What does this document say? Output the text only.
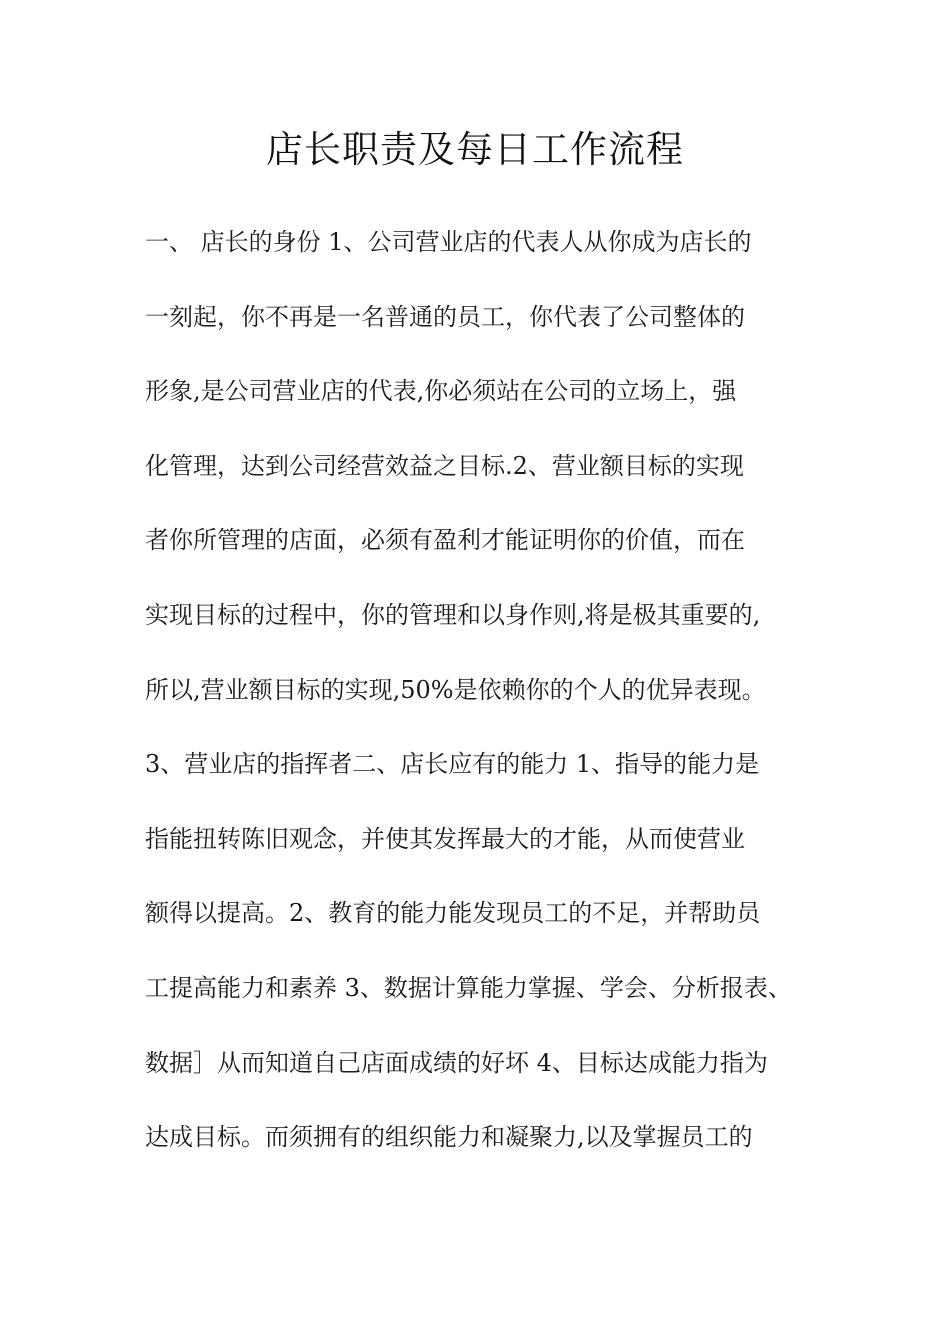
店长职责及每日工作流程
一、 店长的身份 1、公司营业店的代表人从你成为店长的
一刻起，你不再是一名普通的员工，你代表了公司整体的
形象,是公司营业店的代表,你必须站在公司的立场上，强
化管理，达到公司经营效益之目标.2、营业额目标的实现
者你所管理的店面，必须有盈利才能证明你的价值，而在
实现目标的过程中，你的管理和以身作则,将是极其重要的,
所以,营业额目标的实现,50%是依赖你的个人的优异表现。
3、营业店的指挥者二、店长应有的能力 1、指导的能力是
指能扭转陈旧观念，并使其发挥最大的才能，从而使营业
额得以提高。2、教育的能力能发现员工的不足，并帮助员
工提高能力和素养 3、数据计算能力掌握、学会、分析报表、
数据］从而知道自己店面成绩的好坏 4、目标达成能力指为
达成目标。而须拥有的组织能力和凝聚力,以及掌握员工的
